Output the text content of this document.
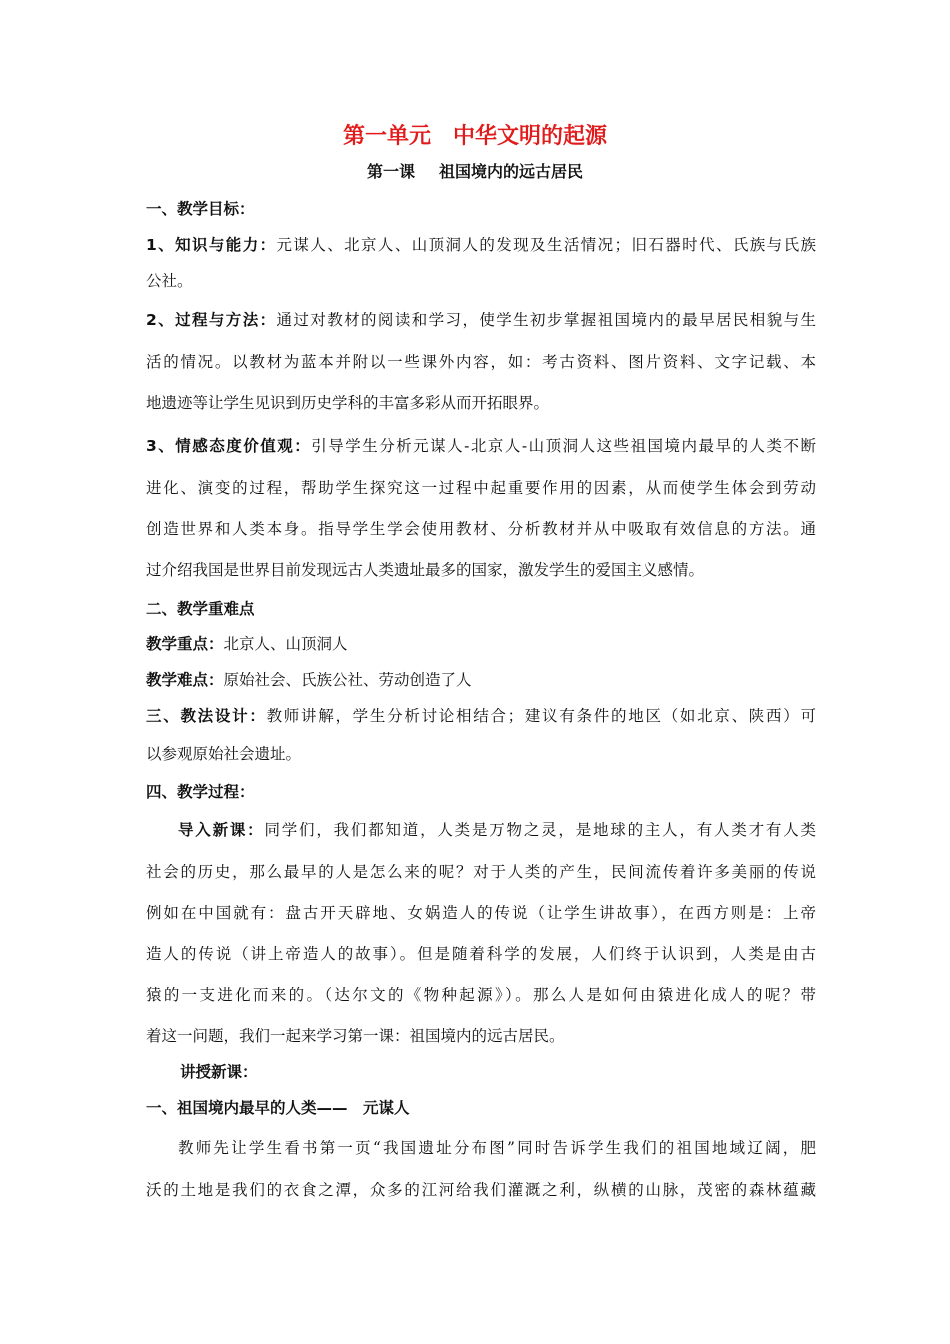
第一单元　中华文明的起源
第一课 祖国境内的远古居民
一、教学目标：
1、知识与能力：元谋人、北京人、山顶洞人的发现及生活情况；旧石器时代、氏族与氏族
公社。
2、过程与方法：通过对教材的阅读和学习，使学生初步掌握祖国境内的最早居民相貌与生
活的情况。以教材为蓝本并附以一些课外内容，如：考古资料、图片资料、文字记载、本
地遗迹等让学生见识到历史学科的丰富多彩从而开拓眼界。
3、情感态度价值观：引导学生分析元谋人-北京人-山顶洞人这些祖国境内最早的人类不断
进化、演变的过程，帮助学生探究这一过程中起重要作用的因素，从而使学生体会到劳动
创造世界和人类本身。指导学生学会使用教材、分析教材并从中吸取有效信息的方法。通
过介绍我国是世界目前发现远古人类遗址最多的国家，激发学生的爱国主义感情。
二、教学重难点
教学重点：北京人、山顶洞人
教学难点：原始社会、氏族公社、劳动创造了人
三、教法设计：教师讲解，学生分析讨论相结合；建议有条件的地区（如北京、陕西）可
以参观原始社会遗址。
四、教学过程：
导入新课：同学们，我们都知道，人类是万物之灵，是地球的主人，有人类才有人类
社会的历史，那么最早的人是怎么来的呢？对于人类的产生，民间流传着许多美丽的传说
例如在中国就有：盘古开天辟地、女娲造人的传说（让学生讲故事），在西方则是：上帝
造人的传说（讲上帝造人的故事）。但是随着科学的发展，人们终于认识到，人类是由古
猿的一支进化而来的。（达尔文的《物种起源》）。那么人是如何由猿进化成人的呢？带
着这一问题，我们一起来学习第一课：祖国境内的远古居民。
讲授新课：
一、祖国境内最早的人类——　元谋人
教师先让学生看书第一页“我国遗址分布图”同时告诉学生我们的祖国地域辽阔，肥
沃的土地是我们的衣食之潭，众多的江河给我们灌溉之利，纵横的山脉，茂密的森林蕴藏
